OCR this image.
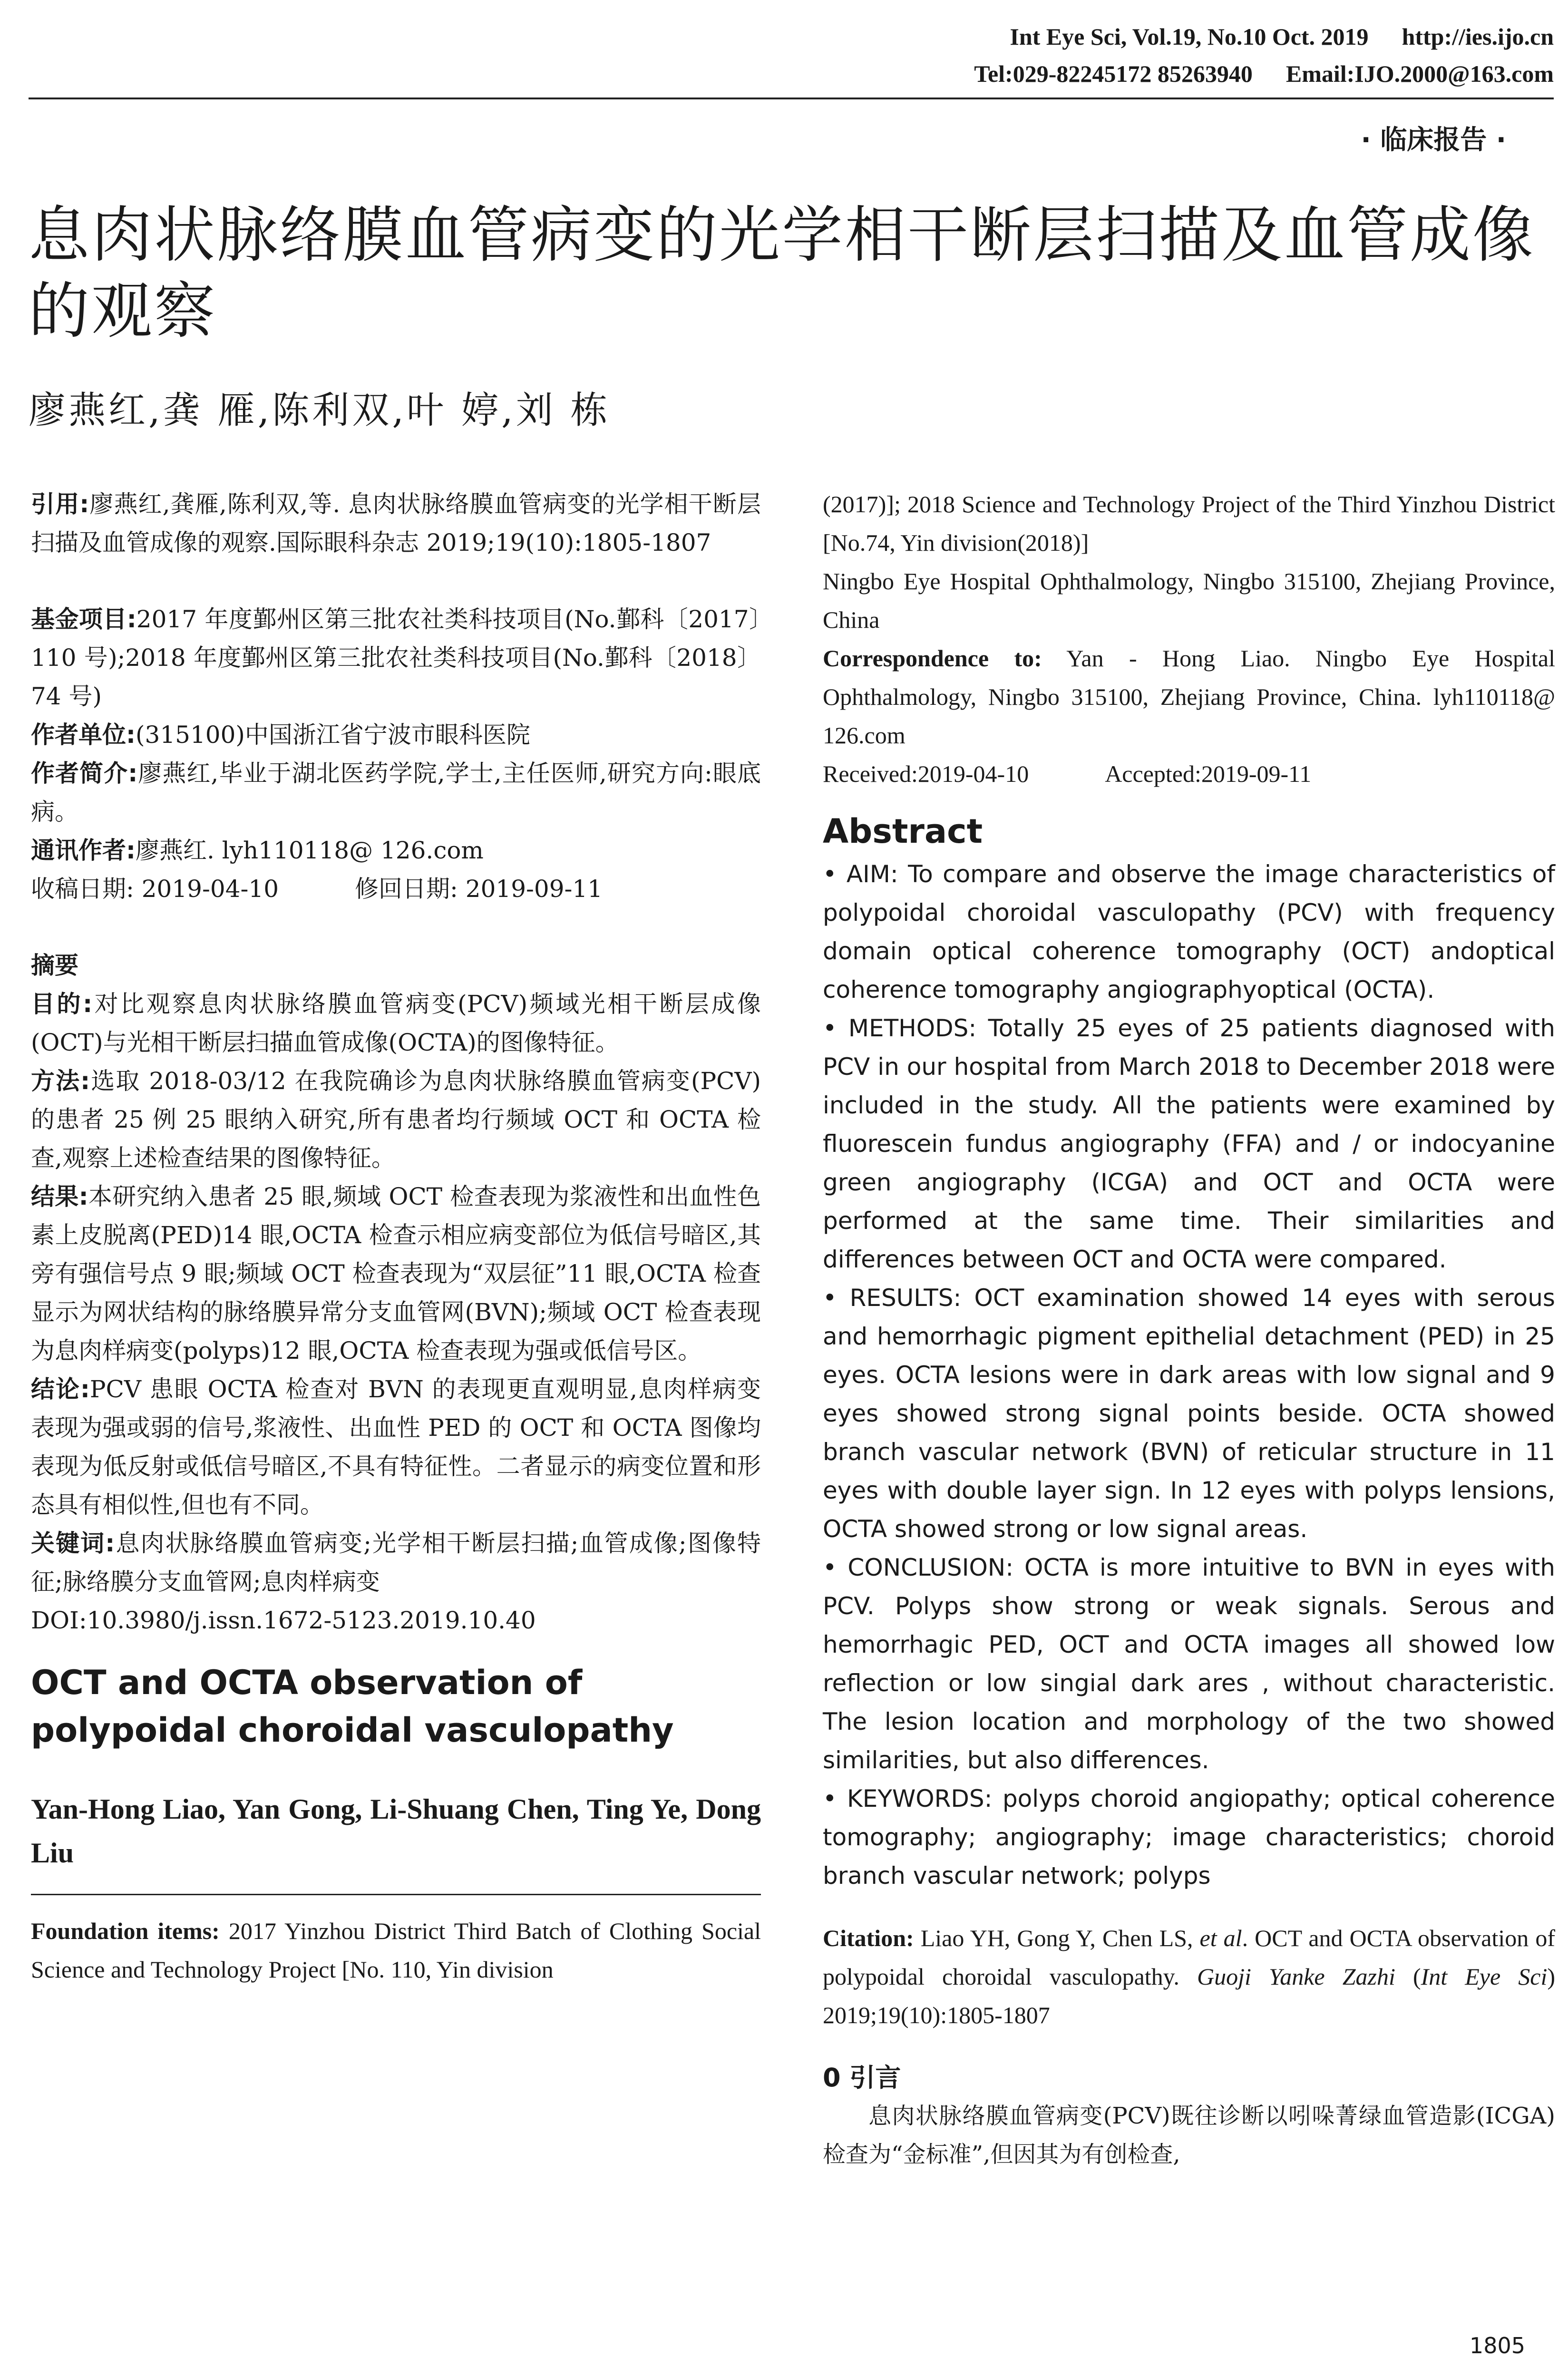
Int Eye Sci, Vol.19, No.10 Oct. 2019 http://ies.ijo.cn
Tel:029-82245172 85263940 Email:IJO.2000@163.com
· 临床报告 ·
息肉状脉络膜血管病变的光学相干断层扫描及血管成像的观察
廖燕红,龚 雁,陈利双,叶 婷,刘 栋

引用:廖燕红,龚雁,陈利双,等. 息肉状脉络膜血管病变的光学相干断层扫描及血管成像的观察.国际眼科杂志 2019;19(10):1805-1807

基金项目:2017 年度鄞州区第三批农社类科技项目(No.鄞科〔2017〕110 号);2018 年度鄞州区第三批农社类科技项目(No.鄞科〔2018〕74 号)

作者单位:(315100)中国浙江省宁波市眼科医院

作者简介:廖燕红,毕业于湖北医药学院,学士,主任医师,研究方向:眼底病。

通讯作者:廖燕红. lyh110118@ 126.com

收稿日期: 2019-04-10	修回日期: 2019-09-11

摘要

目的:对比观察息肉状脉络膜血管病变(PCV)频域光相干断层成像(OCT)与光相干断层扫描血管成像(OCTA)的图像特征。

方法:选取 2018-03/12 在我院确诊为息肉状脉络膜血管病变(PCV)的患者 25 例 25 眼纳入研究,所有患者均行频域 OCT 和 OCTA 检查,观察上述检查结果的图像特征。

结果:本研究纳入患者 25 眼,频域 OCT 检查表现为浆液性和出血性色素上皮脱离(PED)14 眼,OCTA 检查示相应病变部位为低信号暗区,其旁有强信号点 9 眼;频域 OCT 检查表现为“双层征”11 眼,OCTA 检查显示为网状结构的脉络膜异常分支血管网(BVN);频域 OCT 检查表现为息肉样病变(polyps)12 眼,OCTA 检查表现为强或低信号区。

结论:PCV 患眼 OCTA 检查对 BVN 的表现更直观明显,息肉样病变表现为强或弱的信号,浆液性、出血性 PED 的 OCT 和 OCTA 图像均表现为低反射或低信号暗区,不具有特征性。二者显示的病变位置和形态具有相似性,但也有不同。

关键词:息肉状脉络膜血管病变;光学相干断层扫描;血管成像;图像特征;脉络膜分支血管网;息肉样病变

DOI:10.3980/j.issn.1672-5123.2019.10.40

OCT and OCTA observation of polypoidal choroidal vasculopathy

Yan-Hong Liao, Yan Gong, Li-Shuang Chen, Ting Ye, Dong Liu

Foundation items: 2017 Yinzhou District Third Batch of Clothing Social Science and Technology Project [No. 110, Yin division

(2017)]; 2018 Science and Technology Project of the Third Yinzhou District [No.74, Yin division(2018)]

Ningbo Eye Hospital Ophthalmology, Ningbo 315100, Zhejiang Province, China

Correspondence to: Yan - Hong Liao. Ningbo Eye Hospital Ophthalmology, Ningbo 315100, Zhejiang Province, China. lyh110118@ 126.com

Received:2019-04-10	Accepted:2019-09-11

Abstract

• AIM: To compare and observe the image characteristics of polypoidal choroidal vasculopathy (PCV) with frequency domain optical coherence tomography (OCT) andoptical coherence tomography angiographyoptical (OCTA).

• METHODS: Totally 25 eyes of 25 patients diagnosed with PCV in our hospital from March 2018 to December 2018 were included in the study. All the patients were examined by fluorescein fundus angiography (FFA) and / or indocyanine green angiography (ICGA) and OCT and OCTA were performed at the same time. Their similarities and differences between OCT and OCTA were compared.

• RESULTS: OCT examination showed 14 eyes with serous and hemorrhagic pigment epithelial detachment (PED) in 25 eyes. OCTA lesions were in dark areas with low signal and 9 eyes showed strong signal points beside. OCTA showed branch vascular network (BVN) of reticular structure in 11 eyes with double layer sign. In 12 eyes with polyps lensions, OCTA showed strong or low signal areas.

• CONCLUSION: OCTA is more intuitive to BVN in eyes with PCV. Polyps show strong or weak signals. Serous and hemorrhagic PED, OCT and OCTA images all showed low reflection or low singial dark ares , without characteristic. The lesion location and morphology of the two showed similarities, but also differences.

• KEYWORDS: polyps choroid angiopathy; optical coherence tomography; angiography; image characteristics; choroid branch vascular network; polyps

Citation: Liao YH, Gong Y, Chen LS, et al. OCT and OCTA observation of polypoidal choroidal vasculopathy. Guoji Yanke Zazhi (Int Eye Sci) 2019;19(10):1805-1807

0 引言

息肉状脉络膜血管病变(PCV)既往诊断以吲哚菁绿血管造影(ICGA)检查为“金标准”,但因其为有创检查,

1805
